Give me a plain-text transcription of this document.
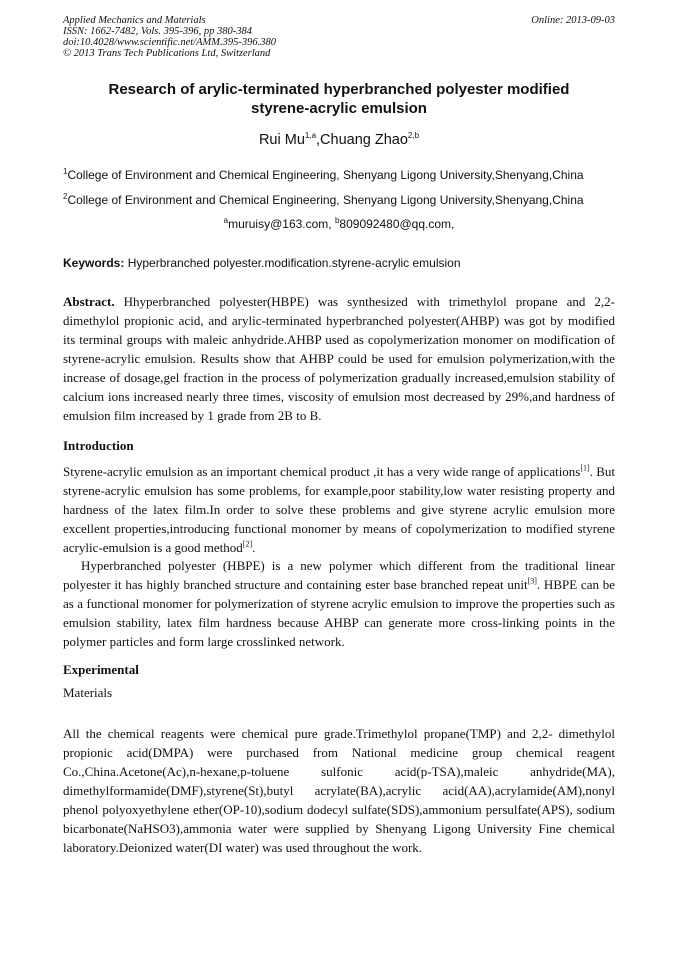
Applied Mechanics and Materials
ISSN: 1662-7482, Vols. 395-396, pp 380-384
doi:10.4028/www.scientific.net/AMM.395-396.380
© 2013 Trans Tech Publications Ltd, Switzerland
Online: 2013-09-03
Research of arylic-terminated hyperbranched polyester modified
styrene-acrylic emulsion
Rui Mu$^{1,a}$,Chuang Zhao$^{2,b}$
$^1$College of Environment and Chemical Engineering, Shenyang Ligong University,Shenyang,China
$^2$College of Environment and Chemical Engineering, Shenyang Ligong University,Shenyang,China
$^a$muruisy@163.com, $^b$809092480@qq.com,
Keywords: Hyperbranched polyester.modification.styrene-acrylic emulsion
Abstract. Hhyperbranched polyester(HBPE) was synthesized with trimethylol propane and 2,2-dimethylol propionic acid, and arylic-terminated hyperbranched polyester(AHBP) was got by modified its terminal groups with maleic anhydride.AHBP used as copolymerization monomer on modification of styrene-acrylic emulsion. Results show that AHBP could be used for emulsion polymerization,with the increase of dosage,gel fraction in the process of polymerization gradually increased,emulsion stability of calcium ions increased nearly three times, viscosity of emulsion most decreased by 29%,and hardness of emulsion film increased by 1 grade from 2B to B.
Introduction
Styrene-acrylic emulsion as an important chemical product ,it has a very wide range of applications[1]. But styrene-acrylic emulsion has some problems, for example,poor stability,low water resisting property and hardness of the latex film.In order to solve these problems and give styrene acrylic emulsion more excellent properties,introducing functional monomer by means of copolymerization to modified styrene acrylic-emulsion is a good method[2].
Hyperbranched polyester (HBPE) is a new polymer which different from the traditional linear polyester it has highly branched structure and containing ester base branched repeat unit[3]. HBPE can be as a functional monomer for polymerization of styrene acrylic emulsion to improve the properties such as emulsion stability, latex film hardness because AHBP can generate more cross-linking points in the polymer particles and form large crosslinked network.
Experimental
Materials
All the chemical reagents were chemical pure grade.Trimethylol propane(TMP) and 2,2- dimethylol propionic acid(DMPA) were purchased from National medicine group chemical reagent Co.,China.Acetone(Ac),n-hexane,p-toluene sulfonic acid(p-TSA),maleic anhydride(MA), dimethylformamide(DMF),styrene(St),butyl acrylate(BA),acrylic acid(AA),acrylamide(AM),nonyl phenol polyoxyethylene ether(OP-10),sodium dodecyl sulfate(SDS),ammonium persulfate(APS), sodium bicarbonate(NaHSO3),ammonia water were supplied by Shenyang Ligong University Fine chemical laboratory.Deionized water(DI water) was used throughout the work.
